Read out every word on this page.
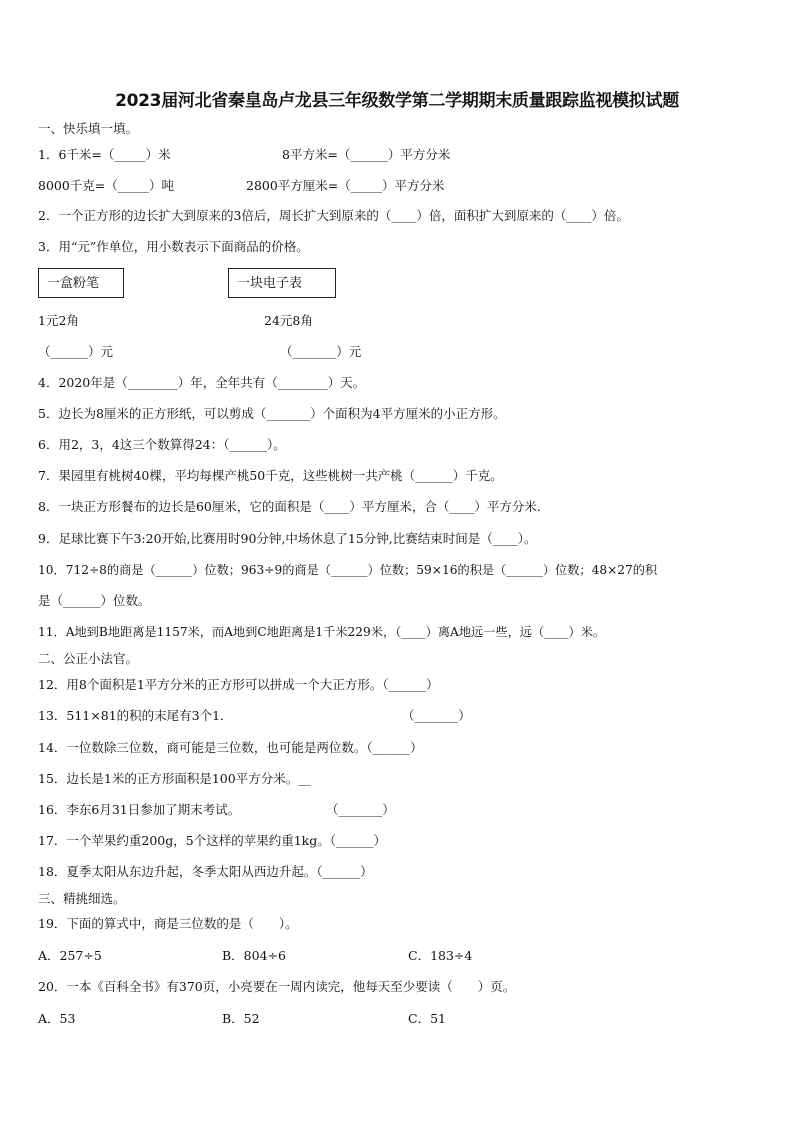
2023届河北省秦皇岛卢龙县三年级数学第二学期期末质量跟踪监视模拟试题
一、快乐填一填。
1．6千米=（_____）米	8平方米=（______）平方分米
8000千克=（_____）吨	2800平方厘米=（_____）平方分米
2．一个正方形的边长扩大到原来的3倍后，周长扩大到原来的（____）倍，面积扩大到原来的（____）倍。
3．用“元”作单位，用小数表示下面商品的价格。
一盒粉笔	一块电子表
1元2角	24元8角
（______）元	（_______）元
4．2020年是（________）年，全年共有（________）天。
5．边长为8厘米的正方形纸，可以剪成（_______）个面积为4平方厘米的小正方形。
6．用2，3，4这三个数算得24：（______）。
7．果园里有桃树40棵，平均每棵产桃50千克，这些桃树一共产桃（______）千克。
8．一块正方形餐布的边长是60厘米，它的面积是（____）平方厘米，合（____）平方分米.
9．足球比赛下午3:20开始,比赛用时90分钟,中场休息了15分钟,比赛结束时间是（____）。
10．712÷8的商是（______）位数；963÷9的商是（______）位数；59×16的积是（______）位数；48×27的积
是（______）位数。
11．A地到B地距离是1157米，而A地到C地距离是1千米229米，（____）离A地远一些，远（____）米。
二、公正小法官。
12．用8个面积是1平方分米的正方形可以拼成一个大正方形。（______）
13．511×81的积的末尾有3个1．	（_______）
14．一位数除三位数，商可能是三位数，也可能是两位数。（______）
15．边长是1米的正方形面积是100平方分米。__
16．李东6月31日参加了期末考试。	（_______）
17．一个苹果约重200g，5个这样的苹果约重1kg。（______）
18．夏季太阳从东边升起，冬季太阳从西边升起。（______）
三、精挑细选。
19．下面的算式中，商是三位数的是（　　）。
A．257÷5	B．804÷6	C．183÷4
20．一本《百科全书》有370页，小亮要在一周内读完，他每天至少要读（　　）页。
A．53	B．52	C．51
